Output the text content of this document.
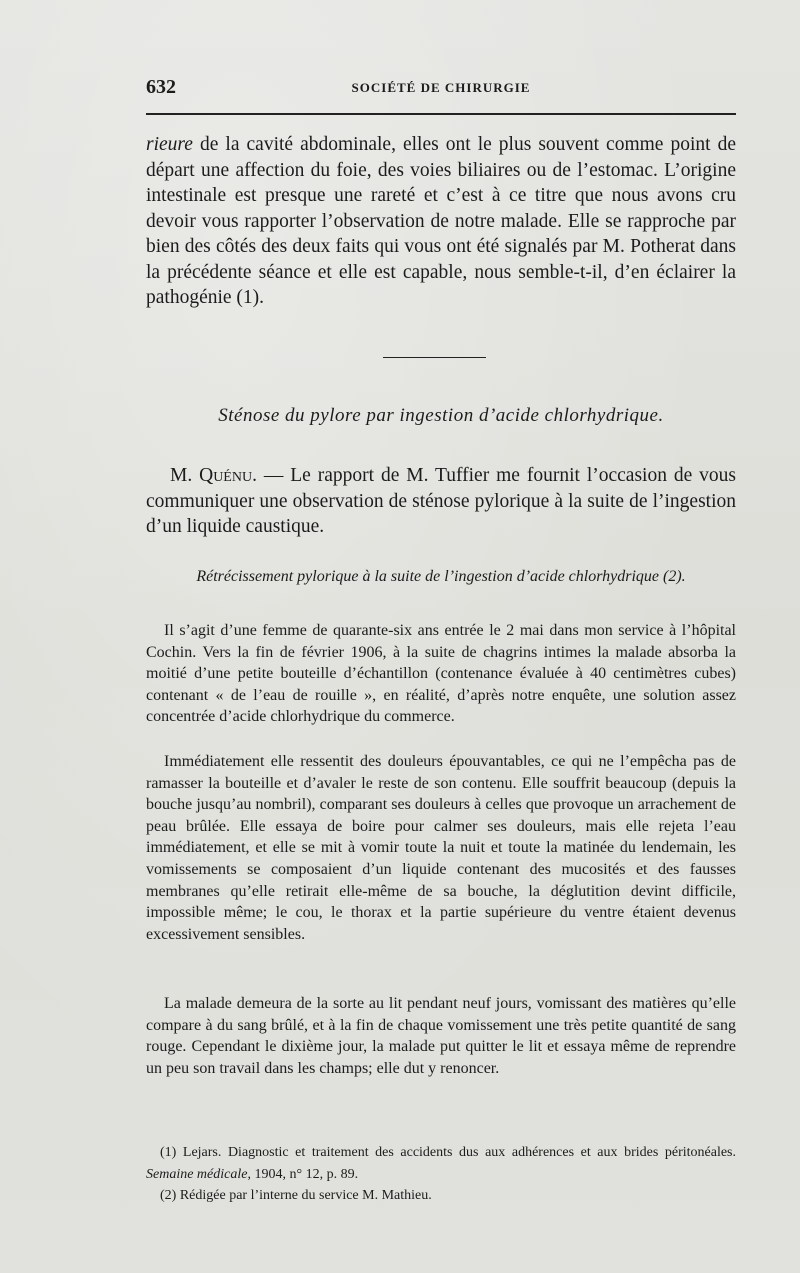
632	SOCIÉTÉ DE CHIRURGIE

rieure de la cavité abdominale, elles ont le plus souvent comme point de départ une affection du foie, des voies biliaires ou de l’estomac. L’origine intestinale est presque une rareté et c’est à ce titre que nous avons cru devoir vous rapporter l’observation de notre malade. Elle se rapproche par bien des côtés des deux faits qui vous ont été signalés par M. Potherat dans la précédente séance et elle est capable, nous semble-t-il, d’en éclairer la pathogénie (1).

Sténose du pylore par ingestion d’acide chlorhydrique.

M. Quénu. — Le rapport de M. Tuffier me fournit l’occasion de vous communiquer une observation de sténose pylorique à la suite de l’ingestion d’un liquide caustique.

Rétrécissement pylorique à la suite de l’ingestion d’acide chlorhydrique (2).

Il s’agit d’une femme de quarante-six ans entrée le 2 mai dans mon service à l’hôpital Cochin. Vers la fin de février 1906, à la suite de chagrins intimes la malade absorba la moitié d’une petite bouteille d’échantillon (contenance évaluée à 40 centimètres cubes) contenant « de l’eau de rouille », en réalité, d’après notre enquête, une solution assez concentrée d’acide chlorhydrique du commerce.

Immédiatement elle ressentit des douleurs épouvantables, ce qui ne l’empêcha pas de ramasser la bouteille et d’avaler le reste de son contenu. Elle souffrit beaucoup (depuis la bouche jusqu’au nombril), comparant ses douleurs à celles que provoque un arrachement de peau brûlée. Elle essaya de boire pour calmer ses douleurs, mais elle rejeta l’eau immédiatement, et elle se mit à vomir toute la nuit et toute la matinée du lendemain, les vomissements se composaient d’un liquide contenant des mucosités et des fausses membranes qu’elle retirait elle-même de sa bouche, la déglutition devint difficile, impossible même; le cou, le thorax et la partie supérieure du ventre étaient devenus excessivement sensibles.

La malade demeura de la sorte au lit pendant neuf jours, vomissant des matières qu’elle compare à du sang brûlé, et à la fin de chaque vomissement une très petite quantité de sang rouge. Cependant le dixième jour, la malade put quitter le lit et essaya même de reprendre un peu son travail dans les champs; elle dut y renoncer.

(1) Lejars. Diagnostic et traitement des accidents dus aux adhérences et aux brides péritonéales. Semaine médicale, 1904, n° 12, p. 89.
(2) Rédigée par l’interne du service M. Mathieu.
